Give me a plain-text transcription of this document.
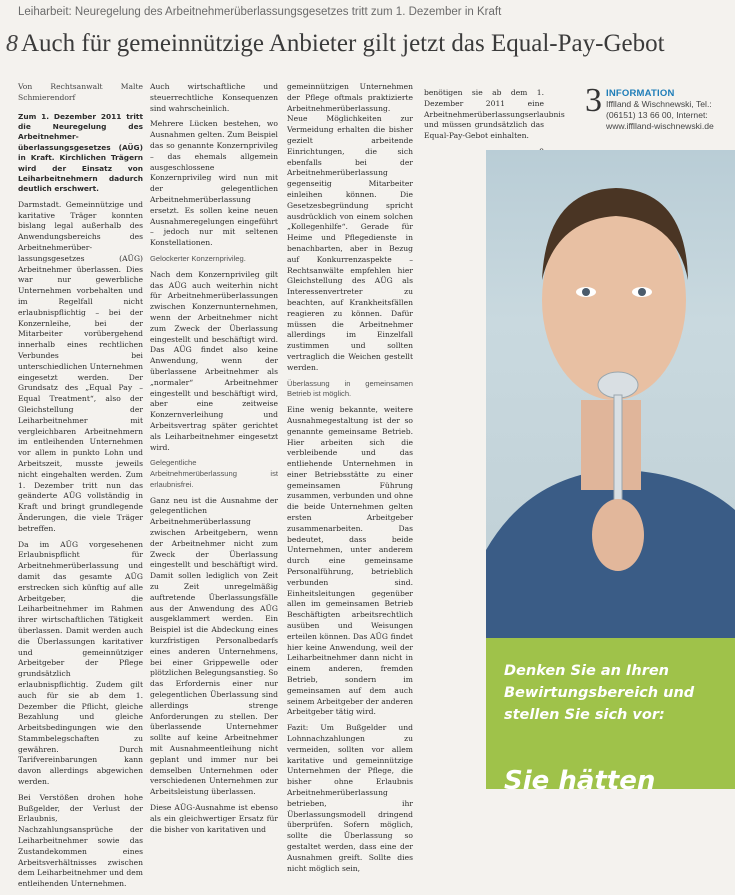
Leiharbeit: Neuregelung des Arbeitnehmerüberlassungsgesetzes tritt zum 1. Dezember in Kraft
8 Auch für gemeinnützige Anbieter gilt jetzt das Equal-Pay-Gebot

Von Rechtsanwalt Malte Schmierendorf

Zum 1. Dezember 2011 tritt die Neuregelung des Arbeitnehmerüberlassungsgesetzes (AÜG) in Kraft. Kirchlichen Trägern wird der Einsatz von Leiharbeitnehmern dadurch deutlich erschwert.

Darmstadt. Gemeinnützige und karitative Träger konnten bislang legal außerhalb des Anwendungsbereichs des Arbeitnehmerüberlassungsgesetzes (AÜG) Arbeitnehmer überlassen. Dies war nur gewerbliche Unternehmen vorbehalten und im Regelfall nicht erlaubnispflichtig – bei der Konzernleihe, bei der Mitarbeiter vorübergehend innerhalb eines rechtlichen Verbundes bei unterschiedlichen Unternehmen eingesetzt werden. Der Grundsatz des „Equal Pay – Equal Treatment“, also der Gleichstellung der Leiharbeitnehmer mit vergleichbaren Arbeitnehmern im entleihenden Unternehmen vor allem in punkto Lohn und Arbeitszeit, musste jeweils nicht eingehalten werden. Zum 1. Dezember tritt nun das geänderte AÜG vollständig in Kraft und bringt grundlegende Änderungen, die viele Träger betreffen.

Da im AÜG vorgesehenen Erlaubnispflicht für Arbeitnehmerüberlassung und damit das gesamte AÜG erstrecken sich künftig auf alle Arbeitgeber, die Leiharbeitnehmer im Rahmen ihrer wirtschaftlichen Tätigkeit überlassen. Damit werden auch die Überlassungen karitativer und gemeinnütziger Arbeitgeber der Pflege grundsätzlich erlaubnispflichtig. Zudem gilt auch für sie ab dem 1. Dezember die Pflicht, gleiche Bezahlung und gleiche Arbeitsbedingungen wie den Stammbelegschaften zu gewähren. Durch Tarifvereinbarungen kann davon allerdings abgewichen werden.

Bei Verstößen drohen hohe Bußgelder, der Verlust der Erlaubnis, Nachzahlungsansprüche der Leiharbeitnehmer sowie das Zustandekommen eines Arbeitsverhältnisses zwischen dem Leiharbeitnehmer und dem entleihenden Unternehmen.

Auch wirtschaftliche und steuerrechtliche Konsequenzen sind wahrscheinlich.

Mehrere Lücken bestehen, wo Ausnahmen gelten. Zum Beispiel das so genannte Konzernprivileg – das ehemals allgemein ausgeschlossene Konzernprivileg wird nun mit der gelegentlichen Arbeitnehmerüberlassung ersetzt. Es sollen keine neuen Ausnahmeregelungen eingeführt – jedoch nur mit seltenen Konstellationen.

Gelockerter Konzernprivileg.

Nach dem Konzernprivileg gilt das AÜG auch weiterhin nicht für Arbeitnehmerüberlassungen zwischen Konzernunternehmen, wenn der Arbeitnehmer nicht zum Zweck der Überlassung eingestellt und beschäftigt wird. Das AÜG findet also keine Anwendung, wenn der überlassene Arbeitnehmer als „normaler“ Arbeitnehmer eingestellt und beschäftigt wird, aber eine zeitweise Konzernverleihung und Arbeitsvertrag später gerichtet als Leiharbeitnehmer eingesetzt wird.

Gelegentliche Arbeitnehmerüberlassung ist erlaubnisfrei.

Ganz neu ist die Ausnahme der gelegentlichen Arbeitnehmerüberlassung zwischen Arbeitgebern, wenn der Arbeitnehmer nicht zum Zweck der Überlassung eingestellt und beschäftigt wird. Damit sollen lediglich von Zeit zu Zeit unregelmäßig auftretende Überlassungsfälle aus der Anwendung des AÜG ausgeklammert werden. Ein Beispiel ist die Abdeckung eines kurzfristigen Personalbedarfs eines anderen Unternehmens, bei einer Grippewelle oder plötzlichen Belegungsanstieg. So das Erfordernis einer nur gelegentlichen Überlassung sind allerdings strenge Anforderungen zu stellen. Der überlassende Unternehmer sollte auf keine Arbeitnehmer mit Ausnahmeentleihung nicht geplant und immer nur bei demselben Unternehmen oder verschiedenen Unternehmen zur Arbeitsleistung überlassen.

Diese AÜG-Ausnahme ist ebenso als ein gleichwertiger Ersatz für die bisher von karitativen und

gemeinnützigen Unternehmen der Pflege oftmals praktizierte Arbeitnehmerüberlassung. Neue Möglichkeiten zur Vermeidung erhalten die bisher gezielt arbeitende Einrichtungen, die sich ebenfalls bei der Arbeitnehmerüberlassung gegenseitig Mitarbeiter einleihen können. Die Gesetzesbegründung spricht ausdrücklich von einem solchen „Kollegenhilfe“. Gerade für Heime und Pflegedienste in benachbarten, aber in Bezug auf Konkurrenzaspekte – Rechtsanwälte empfehlen hier Gleichstellung des AÜG als Interessenvertreter zu beachten, auf Krankheitsfällen reagieren zu können. Dafür müssen die Arbeitnehmer allerdings im Einzelfall zustimmen und sollten vertraglich die Weichen gestellt werden.

Überlassung in gemeinsamen Betrieb ist möglich.

Eine wenig bekannte, weitere Ausnahmegestaltung ist der so genannte gemeinsame Betrieb. Hier arbeiten sich die verbleibende und das entliehende Unternehmen in einer Betriebsstätte zu einer gemeinsamen Führung zusammen, verbunden und ohne die beide Unternehmen gelten ersten Arbeitgeber zusammenarbeiten. Das bedeutet, dass beide Unternehmen, unter anderem durch eine gemeinsame Personalführung, betrieblich verbunden sind. Einheitsleitungen gegenüber allen im gemeinsamen Betrieb Beschäftigten arbeitsrechtlich ausüben und Weisungen erteilen können. Das AÜG findet hier keine Anwendung, weil der Leiharbeitnehmer dann nicht in einem anderen, fremden Betrieb, sondern im gemeinsamen auf dem auch seinem Arbeitgeber der anderen Arbeitgeber tätig wird.

Fazit: Um Bußgelder und Lohnnachzahlungen zu vermeiden, sollten vor allem karitative und gemeinnützige Unternehmen der Pflege, die bisher ohne Erlaubnis Arbeitnehmerüberlassung betrieben, ihr Überlassungsmodell dringend überprüfen. Sofern möglich, sollte die Überlassung so gestaltet werden, dass eine der Ausnahmen greift. Sollte dies nicht möglich sein,

benötigen sie ab dem 1. Dezember 2011 eine Arbeitnehmerüberlassungserlaubnis und müssen grundsätzlich das Equal-Pay-Gebot einhalten.

3 INFORMATION
Ifflland & Wischnewski, Tel.:
(06151) 13 66 00, Internet:
www.ifflland-wischnewski.de
Denken Sie an Ihren Bewirtungsbereich und stellen Sie sich vor:
Sie hätten
